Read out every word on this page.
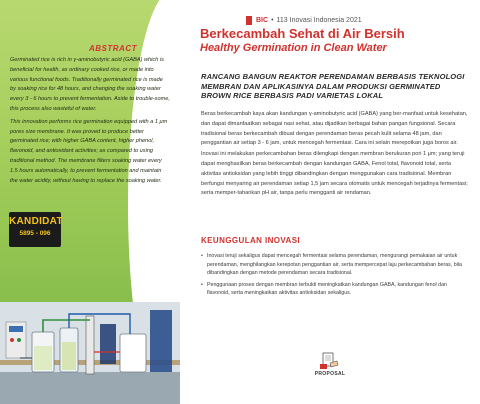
ABSTRACT

Germinated rice is rich in γ-aminobutyric acid (GABA) which is beneficial for health, as ordinary cooked rice, or made into various functional foods. Traditionally germinated rice is made by soaking rice for 48 hours, and changing the soaking water every 3 - 6 hours to prevent fermentation. Aside to trouble-some, this process also wasteful of water.

This innovation performs rice germination equipped with a 1 μm pores size membrane. It was proved to produce better germinated rice; with higher GABA content, higher phenol, flavonoid, and antioxidant activities; as compared to using traditional method. The membrane filters soaking water every 1.5 hours automatically, to prevent fermentation and maintain the water acidity, without having to replace the soaking water.

KANDIDAT
5895 - 096
BIC • 113 Inovasi Indonesia 2021
Berkecambah Sehat di Air Bersih
Healthy Germination in Clean Water
RANCANG BANGUN REAKTOR PERENDAMAN BERBASIS TEKNOLOGI MEMBRAN DAN APLIKASINYA DALAM PRODUKSI GERMINATED BROWN RICE BERBASIS PADI VARIETAS LOKAL

Beras berkecambah kaya akan kandungan γ-aminobutyric acid (GABA) yang ber-manfaat untuk kesehatan, dan dapat dimanfaatkan sebagai nasi sehat, atau dijadikan berbagai bahan pangan fungsional. Secara tradisional beras berkecambah dibuat dengan perendaman beras pecah kulit selama 48 jam, dan penggantian air setiap 3 - 6 jam, untuk mencegah fermentasi. Cara ini selain merepotkan juga boros air.

Inovasi ini melakukan perkecambahan beras dilengkapi dengan membran berukuran pori 1 μm; yang teruji dapat menghasilkan beras berkecambah dengan kandungan GABA, Fenol total, flavonoid total, serta aktivitas antioksidan yang lebih tinggi dibandingkan dengan menggunakan cara tradisional. Membran berfungsi menyaring air perendaman setiap 1,5 jam secara otomatis untuk mencegah terjadinya fermentasi; serta memper-tahankan pH air, tanpa perlu mengganti air rendaman.

KEUNGGULAN INOVASI
• Inovasi teruji sekaligus dapat mencegah fermentasi selama perendaman, mengurangi pemakaian air untuk perendaman, menghilangkan kerepotan penggantian air, serta mempercepat laju perkecambahan beras, bila dibandingkan dengan metode perendaman secara tradisional.
• Penggunaan proses dengan membran terbukti meningkatkan kandungan GABA, kandungan fenol dan flavonoid, serta meningkatkan aktivitas antioksidan sekaligus.
PROPOSAL
